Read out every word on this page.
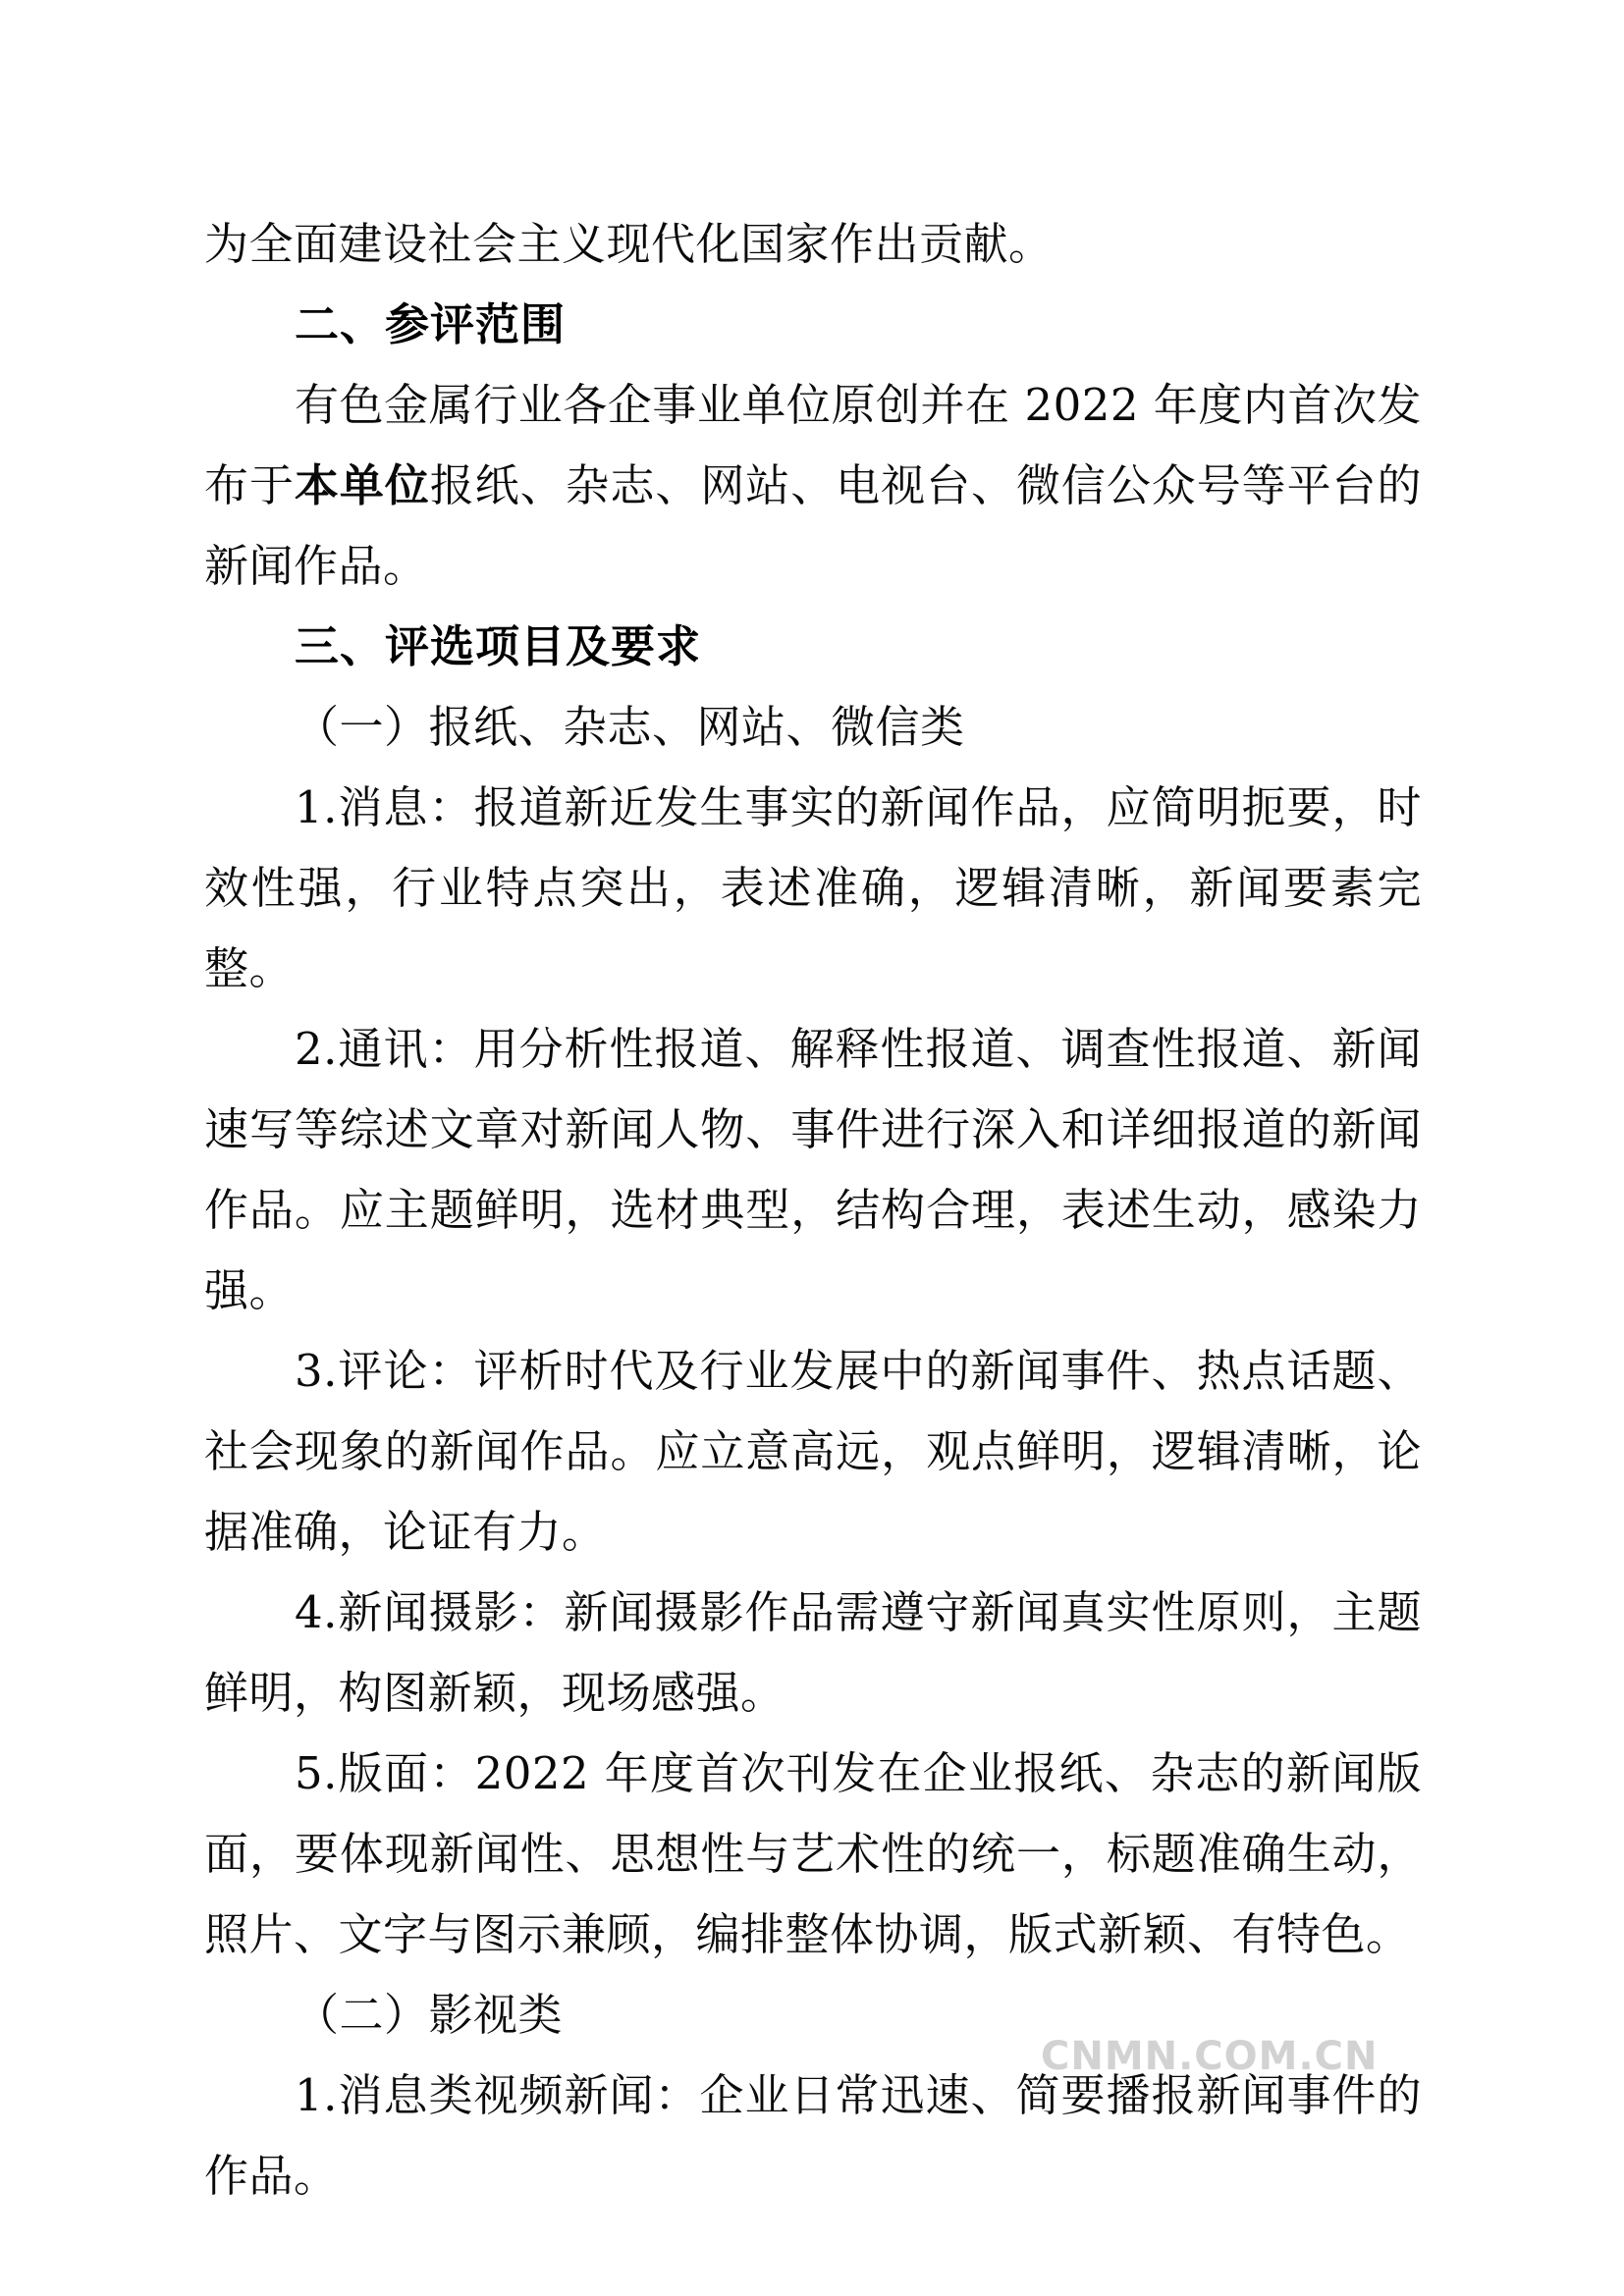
为全面建设社会主义现代化国家作出贡献。

二、参评范围

有色金属行业各企事业单位原创并在 2022 年度内首次发布于本单位报纸、杂志、网站、电视台、微信公众号等平台的新闻作品。

三、评选项目及要求

（一）报纸、杂志、网站、微信类

1.消息：报道新近发生事实的新闻作品，应简明扼要，时效性强，行业特点突出，表述准确，逻辑清晰，新闻要素完整。

2.通讯：用分析性报道、解释性报道、调查性报道、新闻速写等综述文章对新闻人物、事件进行深入和详细报道的新闻作品。应主题鲜明，选材典型，结构合理，表述生动，感染力强。

3.评论：评析时代及行业发展中的新闻事件、热点话题、社会现象的新闻作品。应立意高远，观点鲜明，逻辑清晰，论据准确，论证有力。

4.新闻摄影：新闻摄影作品需遵守新闻真实性原则，主题鲜明，构图新颖，现场感强。

5.版面：2022 年度首次刊发在企业报纸、杂志的新闻版面，要体现新闻性、思想性与艺术性的统一，标题准确生动，照片、文字与图示兼顾，编排整体协调，版式新颖、有特色。

（二）影视类

1.消息类视频新闻：企业日常迅速、简要播报新闻事件的作品。

CNMN.COM.CN
